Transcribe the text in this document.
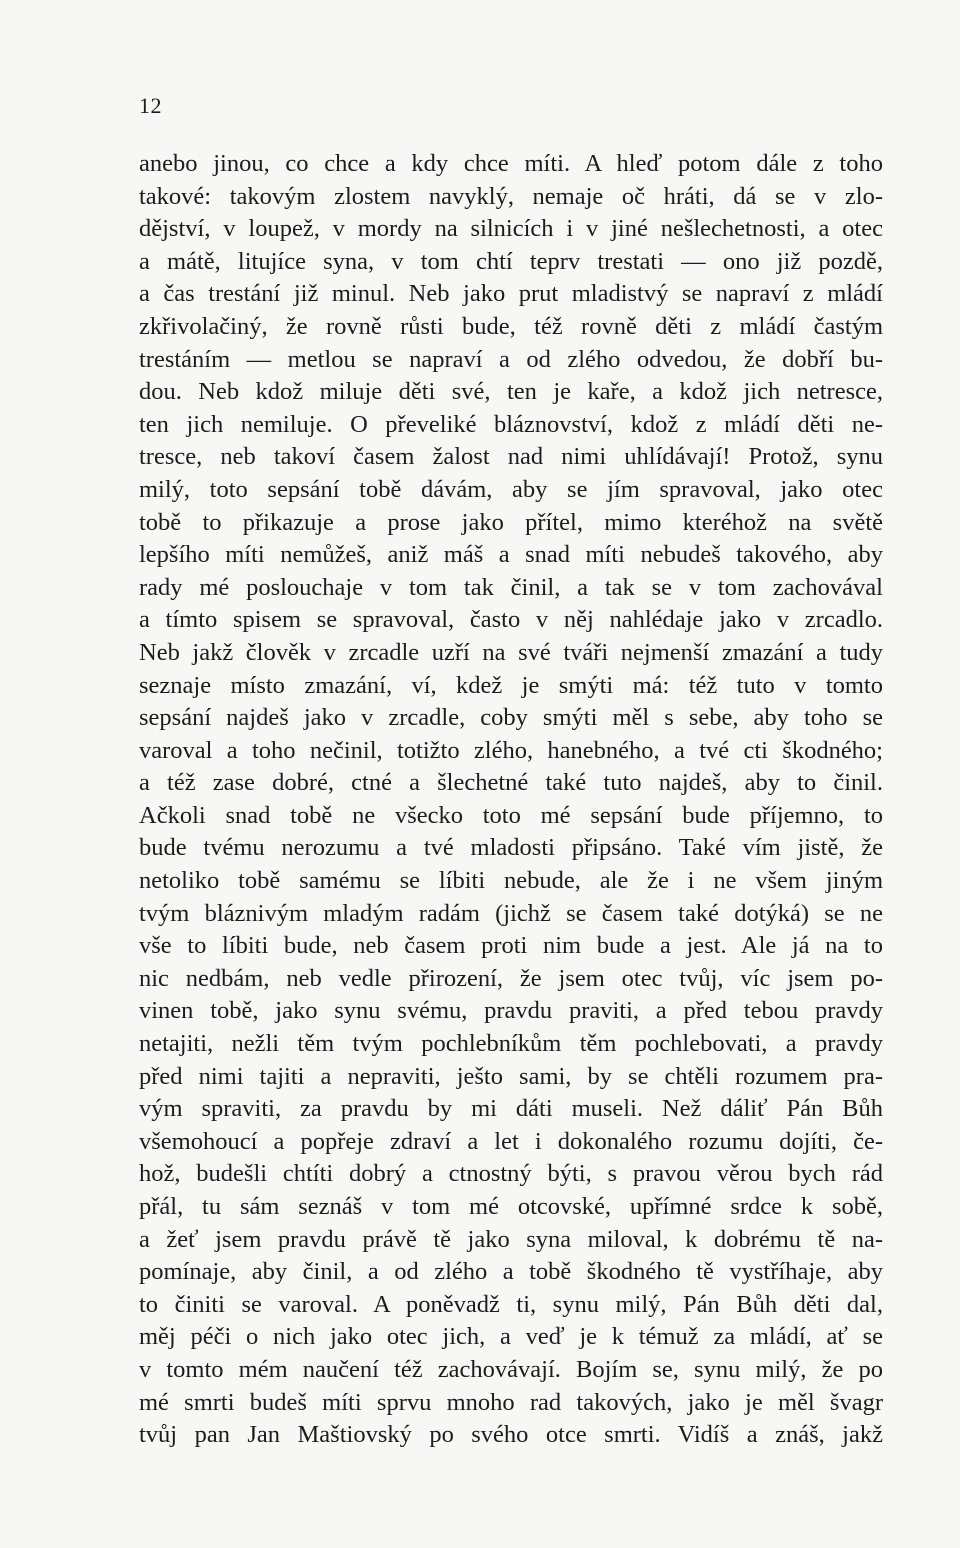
12
anebo jinou, co chce a kdy chce míti. A hleď potom dále z toho
takové: takovým zlostem navyklý, nemaje oč hráti, dá se v zlo-
dějství, v loupež, v mordy na silnicích i v jiné nešlechetnosti, a otec
a mátě, litujíce syna, v tom chtí teprv trestati — ono již pozdě,
a čas trestání již minul. Neb jako prut mladistvý se napraví z mládí
zkřivolačiný, že rovně růsti bude, též rovně děti z mládí častým
trestáním — metlou se napraví a od zlého odvedou, že dobří bu-
dou. Neb kdož miluje děti své, ten je kaře, a kdož jich netresce,
ten jich nemiluje. O převeliké bláznovství, kdož z mládí děti ne-
tresce, neb takoví časem žalost nad nimi uhlídávají! Protož, synu
milý, toto sepsání tobě dávám, aby se jím spravoval, jako otec
tobě to přikazuje a prose jako přítel, mimo kteréhož na světě
lepšího míti nemůžeš, aniž máš a snad míti nebudeš takového, aby
rady mé poslouchaje v tom tak činil, a tak se v tom zachovával
a tímto spisem se spravoval, často v něj nahlédaje jako v zrcadlo.
Neb jakž člověk v zrcadle uzří na své tváři nejmenší zmazání a tudy
seznaje místo zmazání, ví, kdež je smýti má: též tuto v tomto
sepsání najdeš jako v zrcadle, coby smýti měl s sebe, aby toho se
varoval a toho nečinil, totižto zlého, hanebného, a tvé cti škodného;
a též zase dobré, ctné a šlechetné také tuto najdeš, aby to činil.
Ačkoli snad tobě ne všecko toto mé sepsání bude příjemno, to
bude tvému nerozumu a tvé mladosti připsáno. Také vím jistě, že
netoliko tobě samému se líbiti nebude, ale že i ne všem jiným
tvým bláznivým mladým radám (jichž se časem také dotýká) se ne
vše to líbiti bude, neb časem proti nim bude a jest. Ale já na to
nic nedbám, neb vedle přirození, že jsem otec tvůj, víc jsem po-
vinen tobě, jako synu svému, pravdu praviti, a před tebou pravdy
netajiti, nežli těm tvým pochlebníkům těm pochlebovati, a pravdy
před nimi tajiti a nepraviti, ješto sami, by se chtěli rozumem pra-
vým spraviti, za pravdu by mi dáti museli. Než dáliť Pán Bůh
všemohoucí a popřeje zdraví a let i dokonalého rozumu dojíti, če-
hož, budešli chtíti dobrý a ctnostný býti, s pravou věrou bych rád
přál, tu sám seznáš v tom mé otcovské, upřímné srdce k sobě,
a žeť jsem pravdu právě tě jako syna miloval, k dobrému tě na-
pomínaje, aby činil, a od zlého a tobě škodného tě vystříhaje, aby
to činiti se varoval. A poněvadž ti, synu milý, Pán Bůh děti dal,
měj péči o nich jako otec jich, a veď je k témuž za mládí, ať se
v tomto mém naučení též zachovávají. Bojím se, synu milý, že po
mé smrti budeš míti sprvu mnoho rad takových, jako je měl švagr
tvůj pan Jan Maštiovský po svého otce smrti. Vidíš a znáš, jakž
